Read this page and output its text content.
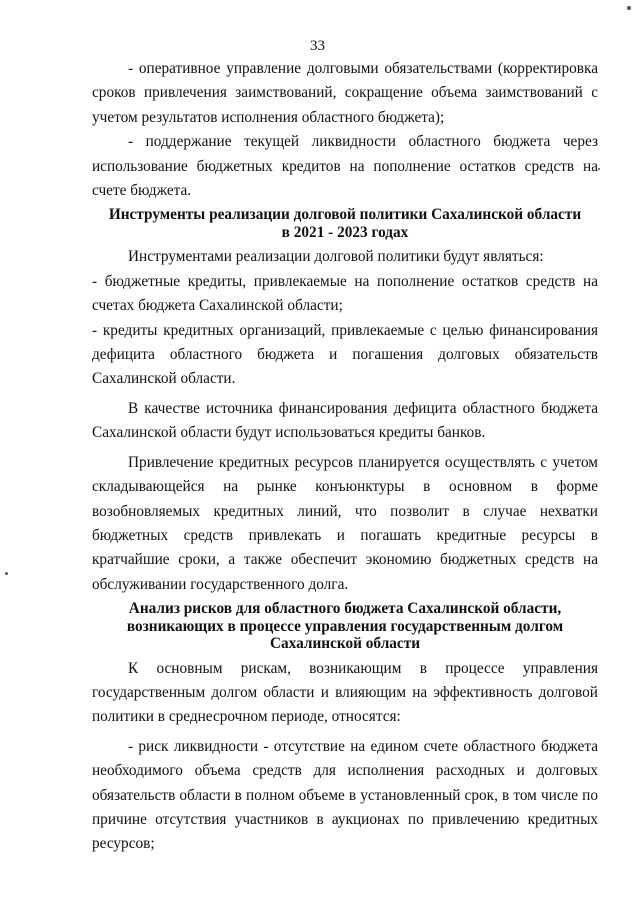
33

- оперативное управление долговыми обязательствами (корректировка сроков привлечения заимствований, сокращение объема заимствований с учетом результатов исполнения областного бюджета);

- поддержание текущей ликвидности областного бюджета через использование бюджетных кредитов на пополнение остатков средств на счете бюджета.

Инструменты реализации долговой политики Сахалинской области
в 2021 - 2023 годах

Инструментами реализации долговой политики будут являться:

- бюджетные кредиты, привлекаемые на пополнение остатков средств на счетах бюджета Сахалинской области;

- кредиты кредитных организаций, привлекаемые с целью финансирования дефицита областного бюджета и погашения долговых обязательств Сахалинской области.

В качестве источника финансирования дефицита областного бюджета Сахалинской области будут использоваться кредиты банков.

Привлечение кредитных ресурсов планируется осуществлять с учетом складывающейся на рынке конъюнктуры в основном в форме возобновляемых кредитных линий, что позволит в случае нехватки бюджетных средств привлекать и погашать кредитные ресурсы в кратчайшие сроки, а также обеспечит экономию бюджетных средств на обслуживании государственного долга.

Анализ рисков для областного бюджета Сахалинской области,
возникающих в процессе управления государственным долгом
Сахалинской области

К основным рискам, возникающим в процессе управления государственным долгом области и влияющим на эффективность долговой политики в среднесрочном периоде, относятся:

- риск ликвидности - отсутствие на едином счете областного бюджета необходимого объема средств для исполнения расходных и долговых обязательств области в полном объеме в установленный срок, в том числе по причине отсутствия участников в аукционах по привлечению кредитных ресурсов;
